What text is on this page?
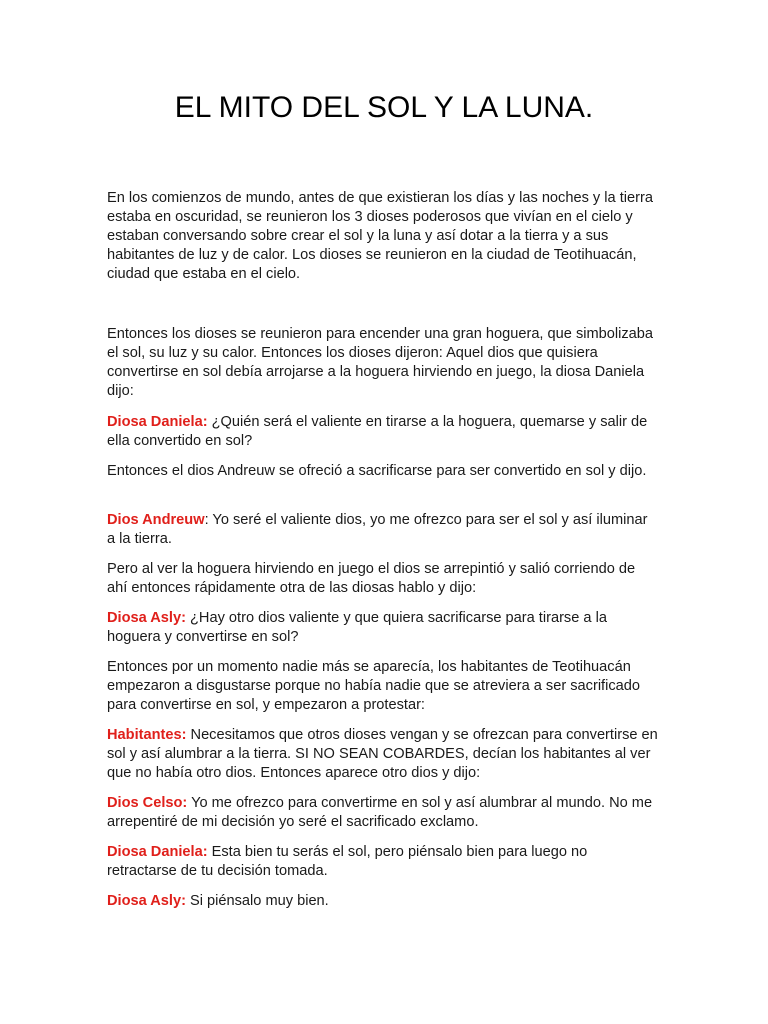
EL MITO DEL SOL Y LA LUNA.

En los comienzos de mundo, antes de que existieran los días y las noches y la tierra estaba en oscuridad, se reunieron los 3 dioses poderosos que vivían en el cielo y estaban conversando sobre crear el sol y la luna y así dotar a la tierra y a sus habitantes de luz y de calor. Los dioses se reunieron en la ciudad de Teotihuacán, ciudad que estaba en el cielo.

Entonces los dioses se reunieron para encender una gran hoguera, que simbolizaba el sol, su luz y su calor. Entonces los dioses dijeron: Aquel dios que quisiera convertirse en sol debía arrojarse a la hoguera hirviendo en juego, la diosa Daniela dijo:

Diosa Daniela: ¿Quién será el valiente en tirarse a la hoguera, quemarse y salir de ella convertido en sol?

Entonces el dios Andreuw se ofreció a sacrificarse para ser convertido en sol y dijo.

Dios Andreuw: Yo seré el valiente dios, yo me ofrezco para ser el sol y así iluminar a la tierra.

Pero al ver la hoguera hirviendo en juego el dios se arrepintió y salió corriendo de ahí entonces rápidamente otra de las diosas hablo y dijo:

Diosa Asly: ¿Hay otro dios valiente y que quiera sacrificarse para tirarse a la hoguera y convertirse en sol?

Entonces por un momento nadie más se aparecía, los habitantes de Teotihuacán empezaron a disgustarse porque no había nadie que se atreviera a ser sacrificado para convertirse en sol, y empezaron a protestar:

Habitantes: Necesitamos que otros dioses vengan y se ofrezcan para convertirse en sol y así alumbrar a la tierra. SI NO SEAN COBARDES, decían los habitantes al ver que no había otro dios. Entonces aparece otro dios y dijo:

Dios Celso: Yo me ofrezco para convertirme en sol y así alumbrar al mundo. No me arrepentiré de mi decisión yo seré el sacrificado exclamo.

Diosa Daniela: Esta bien tu serás el sol, pero piénsalo bien para luego no retractarse de tu decisión tomada.

Diosa Asly: Si piénsalo muy bien.
